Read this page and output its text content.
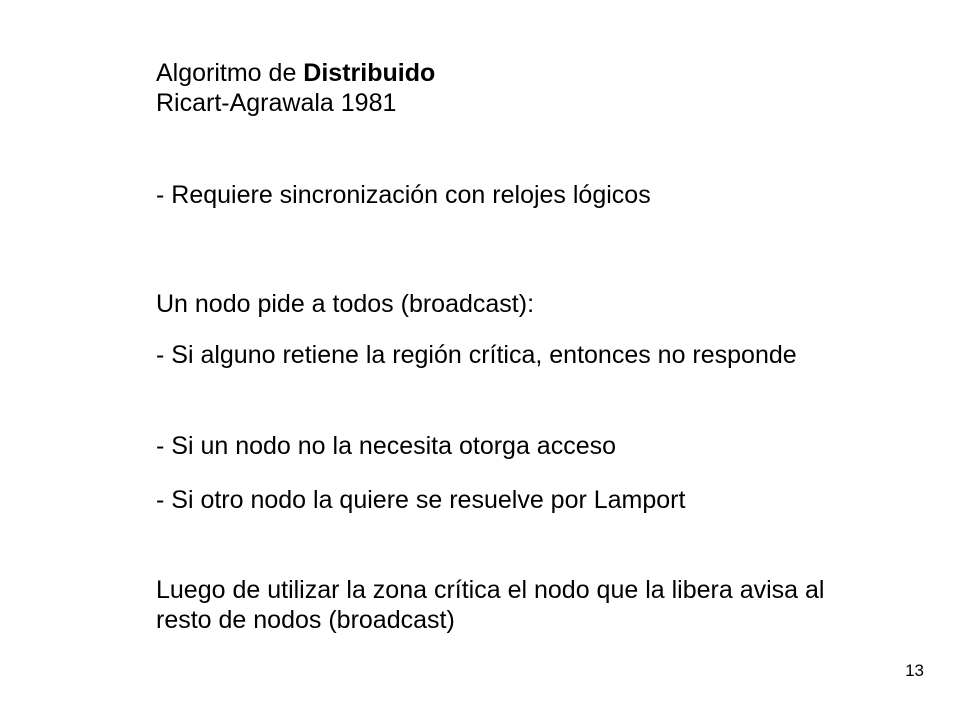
Algoritmo de Distribuido
Ricart-Agrawala 1981
- Requiere sincronización con relojes lógicos
Un nodo pide a todos (broadcast):
- Si alguno retiene la región crítica, entonces no responde
- Si un nodo no la necesita otorga acceso
- Si otro nodo la quiere se resuelve por Lamport
Luego de utilizar la zona crítica el nodo que la libera avisa al resto de nodos (broadcast)
13
